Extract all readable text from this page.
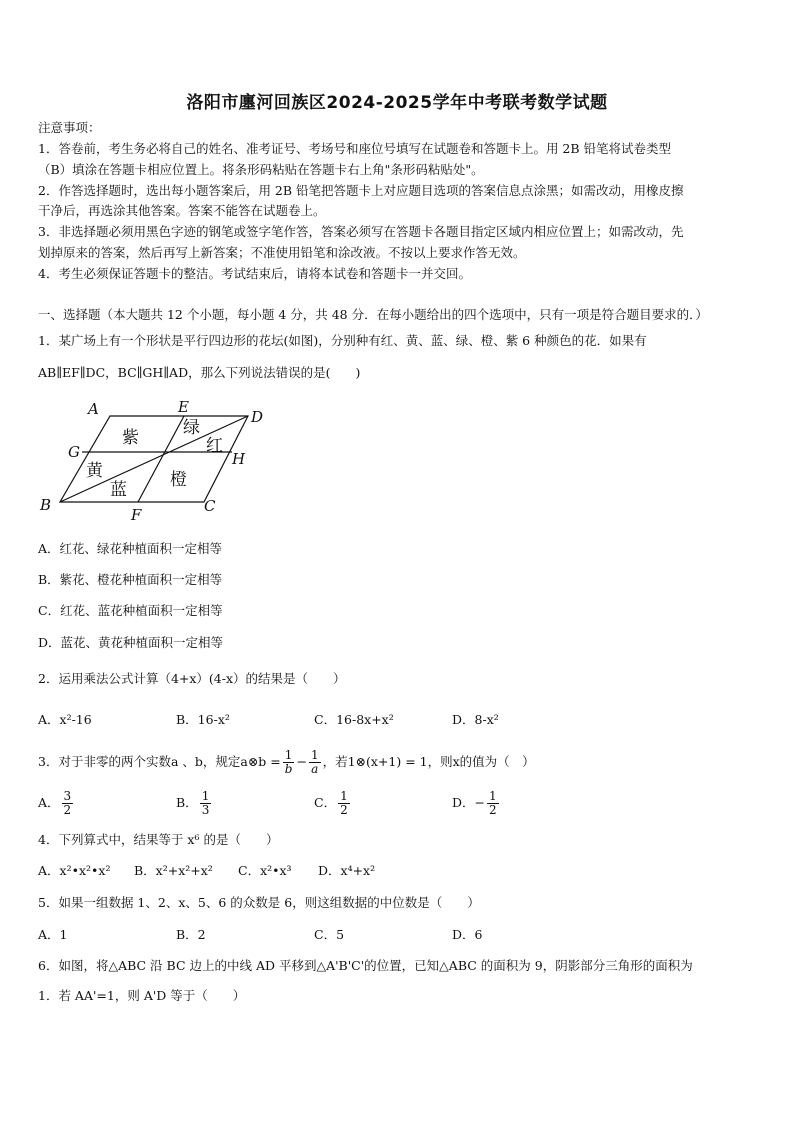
洛阳市廛河回族区2024-2025学年中考联考数学试题
注意事项：
1．答卷前，考生务必将自己的姓名、准考证号、考场号和座位号填写在试题卷和答题卡上。用 2B 铅笔将试卷类型
（B）填涂在答题卡相应位置上。将条形码粘贴在答题卡右上角"条形码粘贴处"。
2．作答选择题时，选出每小题答案后，用 2B 铅笔把答题卡上对应题目选项的答案信息点涂黑；如需改动，用橡皮擦
干净后，再选涂其他答案。答案不能答在试题卷上。
3．非选择题必须用黑色字迹的钢笔或签字笔作答，答案必须写在答题卡各题目指定区域内相应位置上；如需改动，先
划掉原来的答案，然后再写上新答案；不准使用铅笔和涂改液。不按以上要求作答无效。
4．考生必须保证答题卡的整洁。考试结束后，请将本试卷和答题卡一并交回。
一、选择题（本大题共 12 个小题，每小题 4 分，共 48 分．在每小题给出的四个选项中，只有一项是符合题目要求的．）
1．某广场上有一个形状是平行四边形的花坛(如图)，分别种有红、黄、蓝、绿、橙、紫 6 种颜色的花．如果有
AB∥EF∥DC，BC∥GH∥AD，那么下列说法错误的是(　　)
A	E
D
G	H
B
F	C
紫	绿
红
黄	橙
蓝
A．红花、绿花种植面积一定相等
B．紫花、橙花种植面积一定相等
C．红花、蓝花种植面积一定相等
D．蓝花、黄花种植面积一定相等
2．运用乘法公式计算（4+x）(4-x）的结果是（　　）
A．x²-16	B．16-x²	C．16-8x+x²	D．8-x²
3．对于非零的两个实数a 、b，规定a⊗b = $\frac{1}{b} - \frac{1}{a}$ ，若1⊗(x+1) = 1，则x的值为（　）
A． $\frac{3}{2}$	B． $\frac{1}{3}$	C． $\frac{1}{2}$	D．− $\frac{1}{2}$
4．下列算式中，结果等于 x⁶ 的是（　　）
A．x²•x²•x² B．x²+x²+x² C．x²•x³ D．x⁴+x²
5．如果一组数据 1、2、x、5、6 的众数是 6，则这组数据的中位数是（　　）
A．1	B．2	C．5	D．6
6．如图，将△ABC 沿 BC 边上的中线 AD 平移到△A'B'C'的位置，已知△ABC 的面积为 9，阴影部分三角形的面积为
1．若 AA'=1，则 A'D 等于（　　）
